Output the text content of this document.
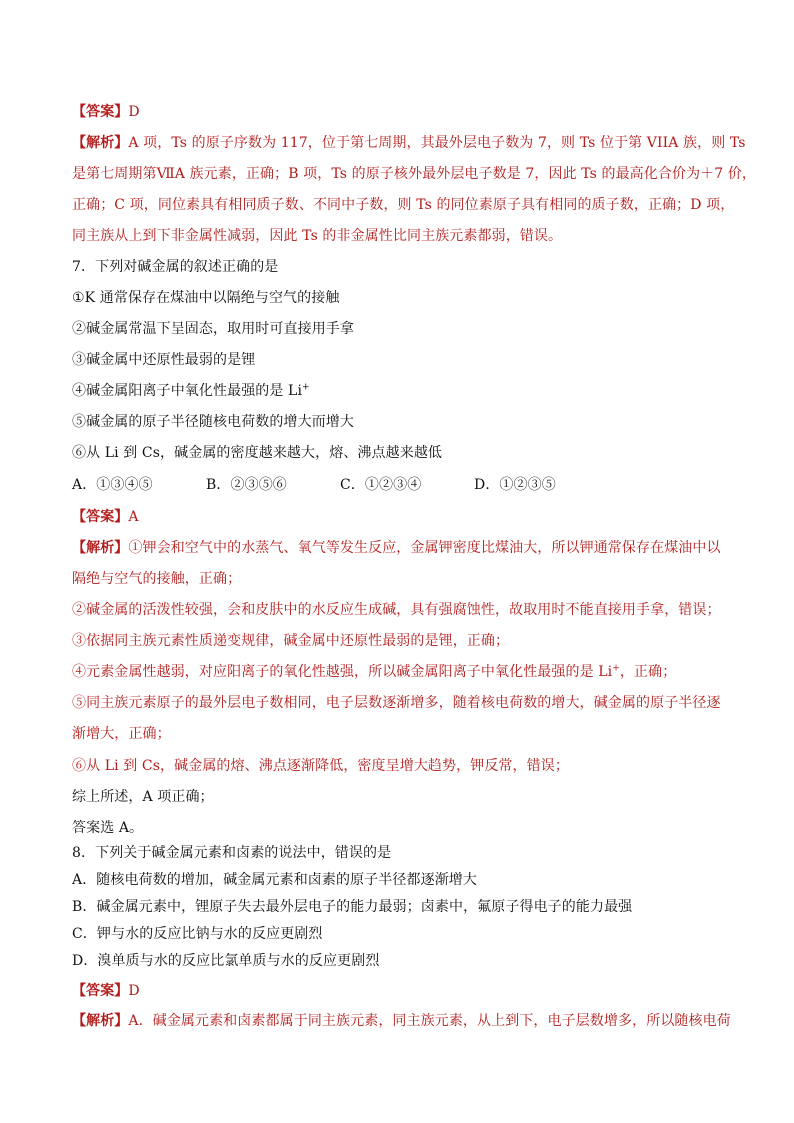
【答案】D
【解析】A 项，Ts 的原子序数为 117，位于第七周期，其最外层电子数为 7，则 Ts 位于第 VIIA 族，则 Ts
是第七周期第ⅦA 族元素，正确；B 项，Ts 的原子核外最外层电子数是 7，因此 Ts 的最高化合价为＋7 价，
正确；C 项，同位素具有相同质子数、不同中子数，则 Ts 的同位素原子具有相同的质子数，正确；D 项，
同主族从上到下非金属性减弱，因此 Ts 的非金属性比同主族元素都弱，错误。
7．下列对碱金属的叙述正确的是
①K 通常保存在煤油中以隔绝与空气的接触
②碱金属常温下呈固态，取用时可直接用手拿
③碱金属中还原性最弱的是锂
④碱金属阳离子中氧化性最强的是 Li+
⑤碱金属的原子半径随核电荷数的增大而增大
⑥从 Li 到 Cs，碱金属的密度越来越大，熔、沸点越来越低
A．①③④⑤	B．②③⑤⑥	C．①②③④	D．①②③⑤
【答案】A
【解析】①钾会和空气中的水蒸气、氧气等发生反应，金属钾密度比煤油大，所以钾通常保存在煤油中以
隔绝与空气的接触，正确；
②碱金属的活泼性较强，会和皮肤中的水反应生成碱，具有强腐蚀性，故取用时不能直接用手拿，错误；
③依据同主族元素性质递变规律，碱金属中还原性最弱的是锂，正确；
④元素金属性越弱，对应阳离子的氧化性越强，所以碱金属阳离子中氧化性最强的是 Li+，正确；
⑤同主族元素原子的最外层电子数相同，电子层数逐渐增多，随着核电荷数的增大，碱金属的原子半径逐
渐增大，正确；
⑥从 Li 到 Cs，碱金属的熔、沸点逐渐降低，密度呈增大趋势，钾反常，错误；
综上所述，A 项正确；
答案选 A。
8．下列关于碱金属元素和卤素的说法中，错误的是
A．随核电荷数的增加，碱金属元素和卤素的原子半径都逐渐增大
B．碱金属元素中，锂原子失去最外层电子的能力最弱；卤素中，氟原子得电子的能力最强
C．钾与水的反应比钠与水的反应更剧烈
D．溴单质与水的反应比氯单质与水的反应更剧烈
【答案】D
【解析】A．碱金属元素和卤素都属于同主族元素，同主族元素，从上到下，电子层数增多，所以随核电荷
